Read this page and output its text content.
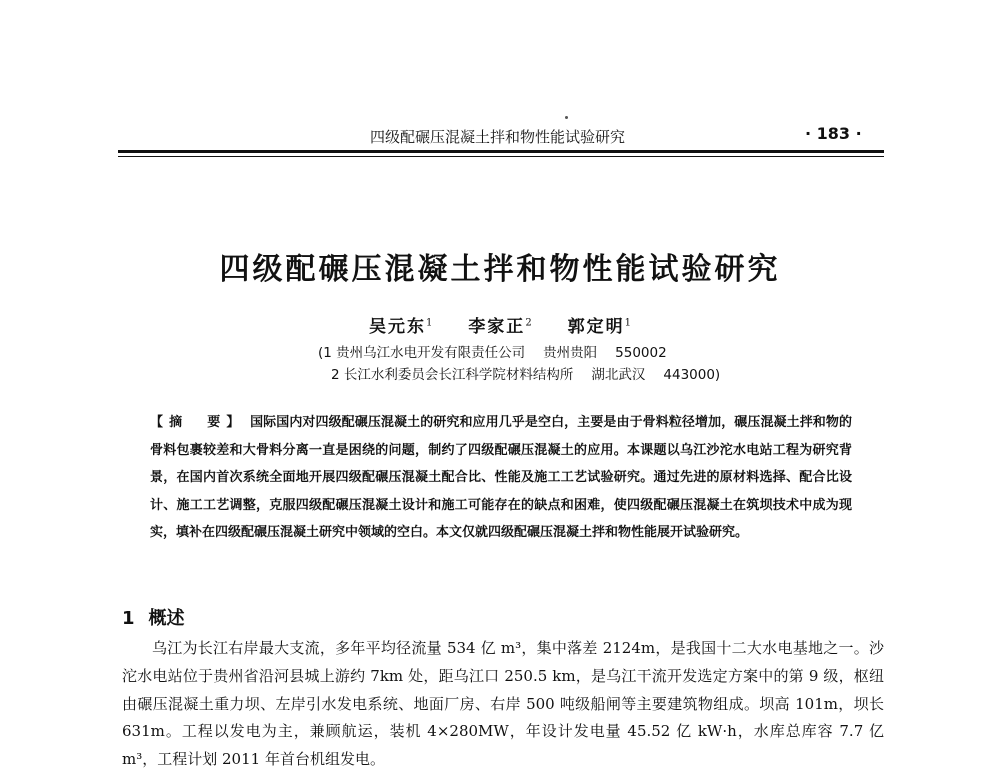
四级配碾压混凝土拌和物性能试验研究	· 183 ·
四级配碾压混凝土拌和物性能试验研究
吴元东$^1$ 李家正$^2$ 郭定明$^1$
(1 贵州乌江水电开发有限责任公司 贵州贵阳 550002
2 长江水利委员会长江科学院材料结构所 湖北武汉 443000)
【摘　要】 国际国内对四级配碾压混凝土的研究和应用几乎是空白，主要是由于骨料粒径增加，碾压混凝土拌和物的骨料包裹较差和大骨料分离一直是困绕的问题，制约了四级配碾压混凝土的应用。本课题以乌江沙沱水电站工程为研究背景，在国内首次系统全面地开展四级配碾压混凝土配合比、性能及施工工艺试验研究。通过先进的原材料选择、配合比设计、施工工艺调整，克服四级配碾压混凝土设计和施工可能存在的缺点和困难，使四级配碾压混凝土在筑坝技术中成为现实，填补在四级配碾压混凝土研究中领域的空白。本文仅就四级配碾压混凝土拌和物性能展开试验研究。
1 概述
乌江为长江右岸最大支流，多年平均径流量 534 亿 m³，集中落差 2124m，是我国十二大水电基地之一。沙沱水电站位于贵州省沿河县城上游约 7km 处，距乌江口 250.5 km，是乌江干流开发选定方案中的第 9 级，枢纽由碾压混凝土重力坝、左岸引水发电系统、地面厂房、右岸 500 吨级船闸等主要建筑物组成。坝高 101m，坝长 631m。工程以发电为主，兼顾航运，装机 4×280MW，年设计发电量 45.52 亿 kW·h，水库总库容 7.7 亿 m³，工程计划 2011 年首台机组发电。
